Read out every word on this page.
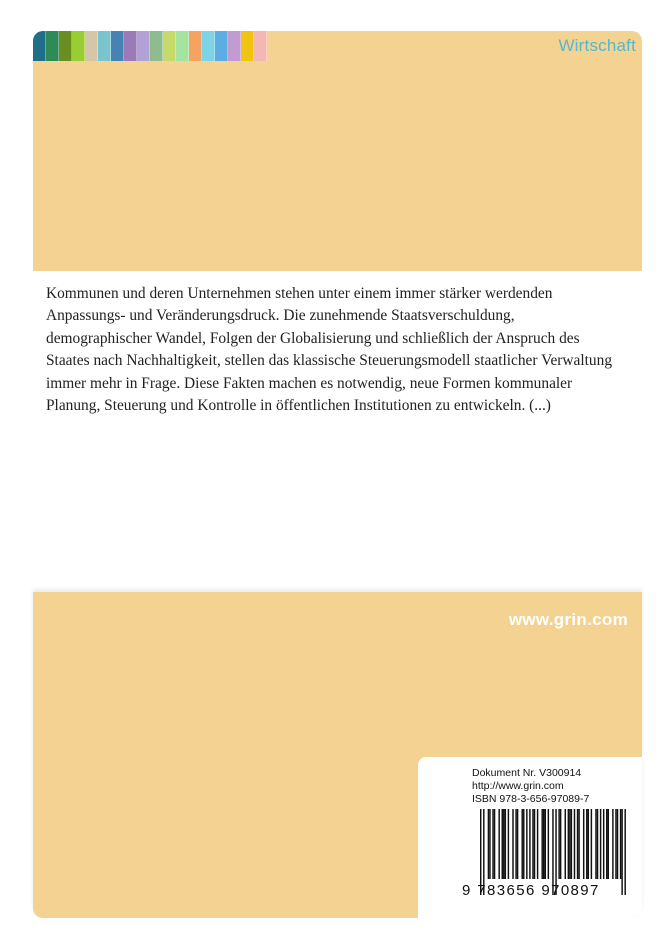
Wirtschaft

Kommunen und deren Unternehmen stehen unter einem immer stärker werdenden Anpassungs- und Veränderungsdruck. Die zunehmende Staatsverschuldung, demographischer Wandel, Folgen der Globalisierung und schließlich der Anspruch des Staates nach Nachhaltigkeit, stellen das klassische Steuerungsmodell staatlicher Verwaltung immer mehr in Frage. Diese Fakten machen es notwendig, neue Formen kommunaler Planung, Steuerung und Kontrolle in öffentlichen Institutionen zu entwickeln. (...)

www.grin.com
Dokument Nr. V300914
http://www.grin.com
ISBN 978-3-656-97089-7
9 783656 970897
